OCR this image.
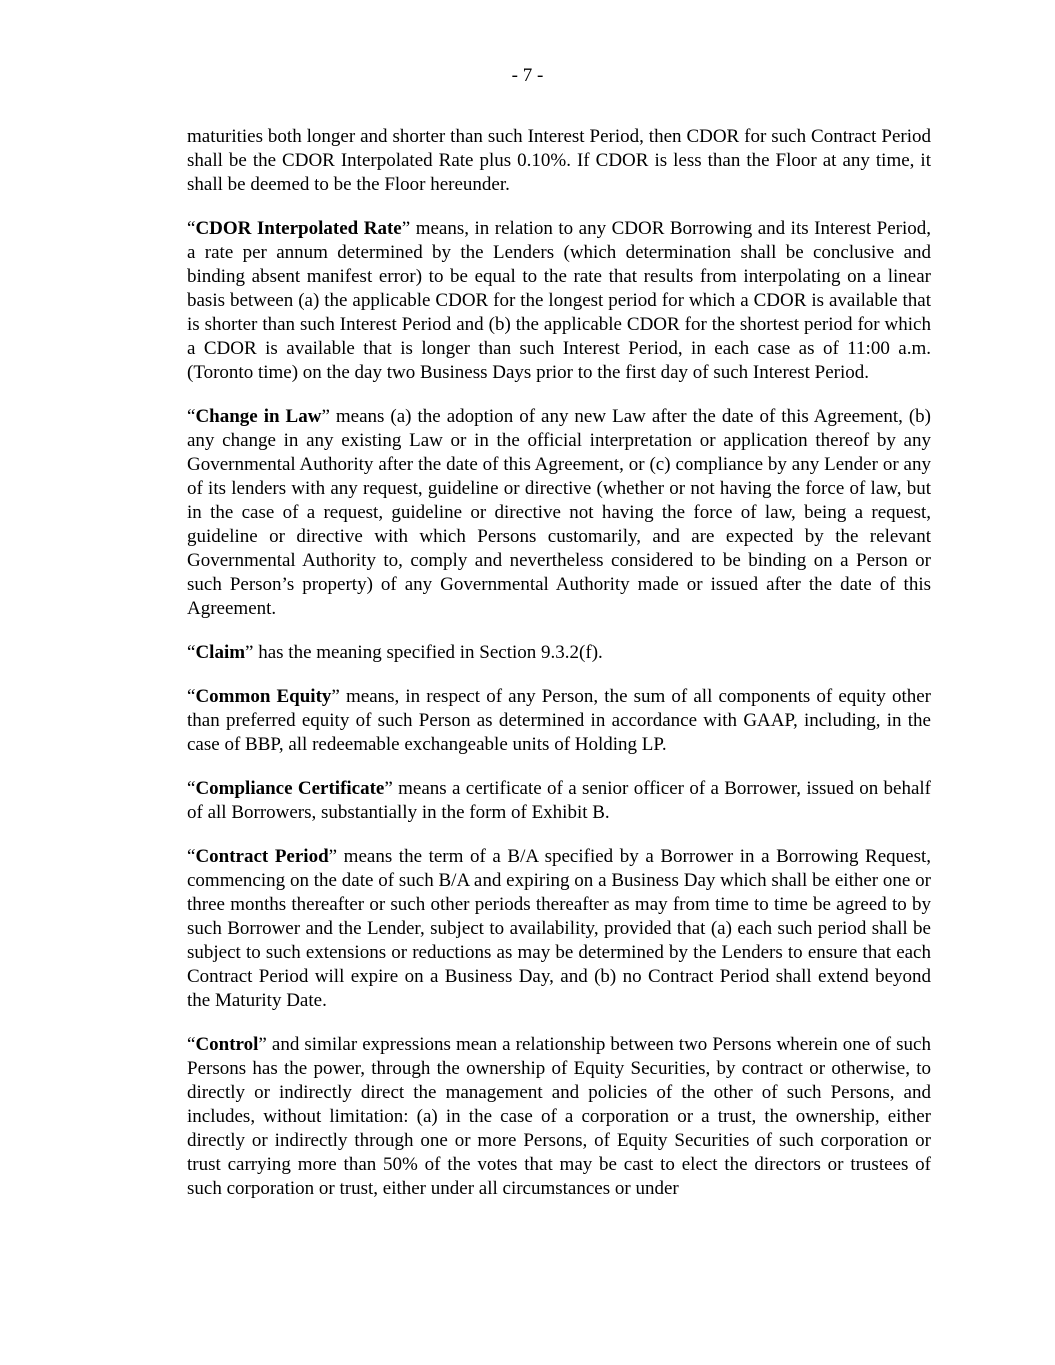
- 7 -

maturities both longer and shorter than such Interest Period, then CDOR for such Contract Period shall be the CDOR Interpolated Rate plus 0.10%. If CDOR is less than the Floor at any time, it shall be deemed to be the Floor hereunder.

“CDOR Interpolated Rate” means, in relation to any CDOR Borrowing and its Interest Period, a rate per annum determined by the Lenders (which determination shall be conclusive and binding absent manifest error) to be equal to the rate that results from interpolating on a linear basis between (a) the applicable CDOR for the longest period for which a CDOR is available that is shorter than such Interest Period and (b) the applicable CDOR for the shortest period for which a CDOR is available that is longer than such Interest Period, in each case as of 11:00 a.m. (Toronto time) on the day two Business Days prior to the first day of such Interest Period.

“Change in Law” means (a) the adoption of any new Law after the date of this Agreement, (b) any change in any existing Law or in the official interpretation or application thereof by any Governmental Authority after the date of this Agreement, or (c) compliance by any Lender or any of its lenders with any request, guideline or directive (whether or not having the force of law, but in the case of a request, guideline or directive not having the force of law, being a request, guideline or directive with which Persons customarily, and are expected by the relevant Governmental Authority to, comply and nevertheless considered to be binding on a Person or such Person’s property) of any Governmental Authority made or issued after the date of this Agreement.

“Claim” has the meaning specified in Section 9.3.2(f).

“Common Equity” means, in respect of any Person, the sum of all components of equity other than preferred equity of such Person as determined in accordance with GAAP, including, in the case of BBP, all redeemable exchangeable units of Holding LP.

“Compliance Certificate” means a certificate of a senior officer of a Borrower, issued on behalf of all Borrowers, substantially in the form of Exhibit B.

“Contract Period” means the term of a B/A specified by a Borrower in a Borrowing Request, commencing on the date of such B/A and expiring on a Business Day which shall be either one or three months thereafter or such other periods thereafter as may from time to time be agreed to by such Borrower and the Lender, subject to availability, provided that (a) each such period shall be subject to such extensions or reductions as may be determined by the Lenders to ensure that each Contract Period will expire on a Business Day, and (b) no Contract Period shall extend beyond the Maturity Date.

“Control” and similar expressions mean a relationship between two Persons wherein one of such Persons has the power, through the ownership of Equity Securities, by contract or otherwise, to directly or indirectly direct the management and policies of the other of such Persons, and includes, without limitation: (a) in the case of a corporation or a trust, the ownership, either directly or indirectly through one or more Persons, of Equity Securities of such corporation or trust carrying more than 50% of the votes that may be cast to elect the directors or trustees of such corporation or trust, either under all circumstances or under
